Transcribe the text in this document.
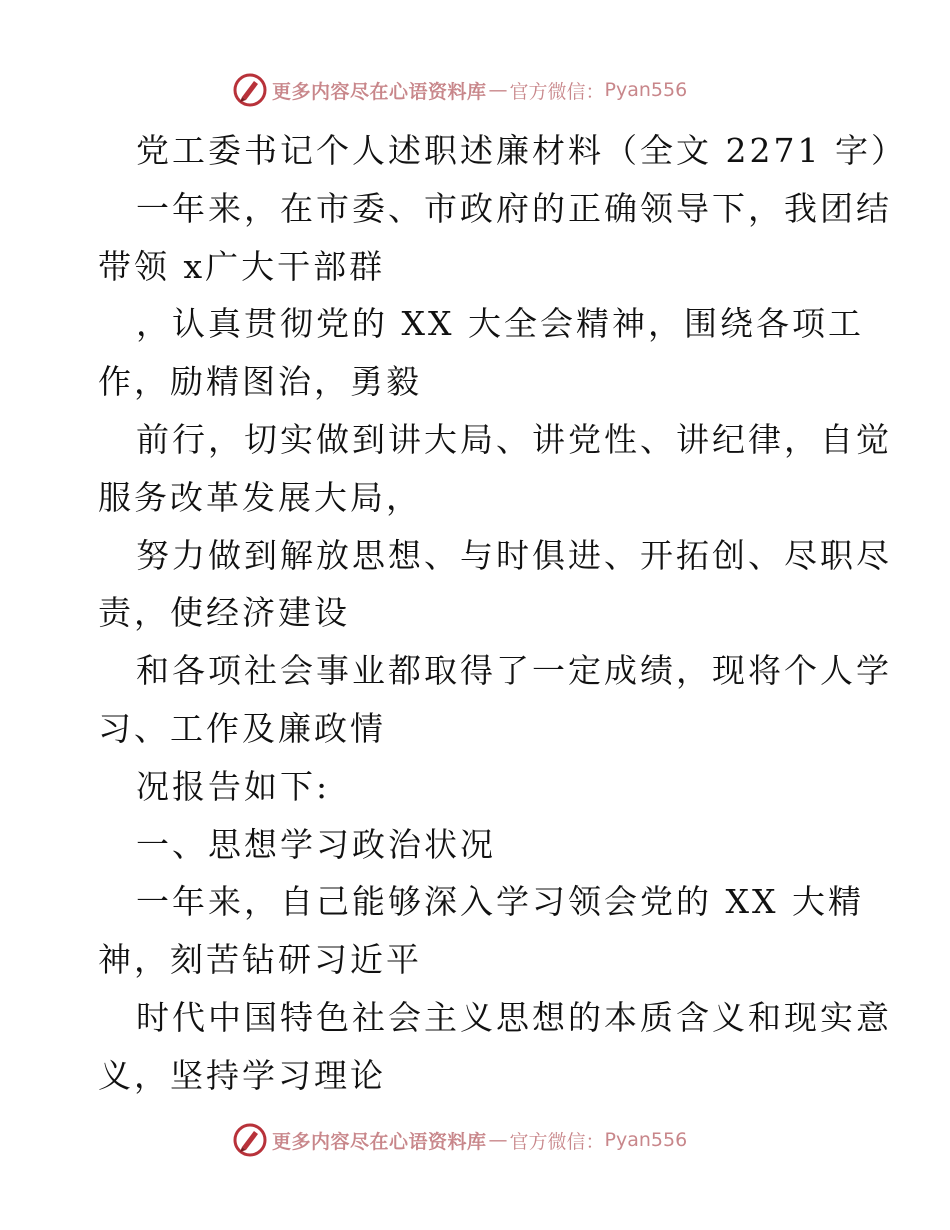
更多内容尽在心语资料库 — 官方微信： Pyan556
党工委书记个人述职述廉材料（全文 2271 字）
一年来，在市委、市政府的正确领导下，我团结
带领 x广大干部群
，认真贯彻党的 XX 大全会精神，围绕各项工
作，励精图治，勇毅
前行，切实做到讲大局、讲党性、讲纪律，自觉
服务改革发展大局，
努力做到解放思想、与时俱进、开拓创、尽职尽
责，使经济建设
和各项社会事业都取得了一定成绩，现将个人学
习、工作及廉政情
况报告如下:
一、思想学习政治状况
一年来，自己能够深入学习领会党的 XX 大精
神，刻苦钻研习近平
时代中国特色社会主义思想的本质含义和现实意
义，坚持学习理论
更多内容尽在心语资料库 — 官方微信： Pyan556
